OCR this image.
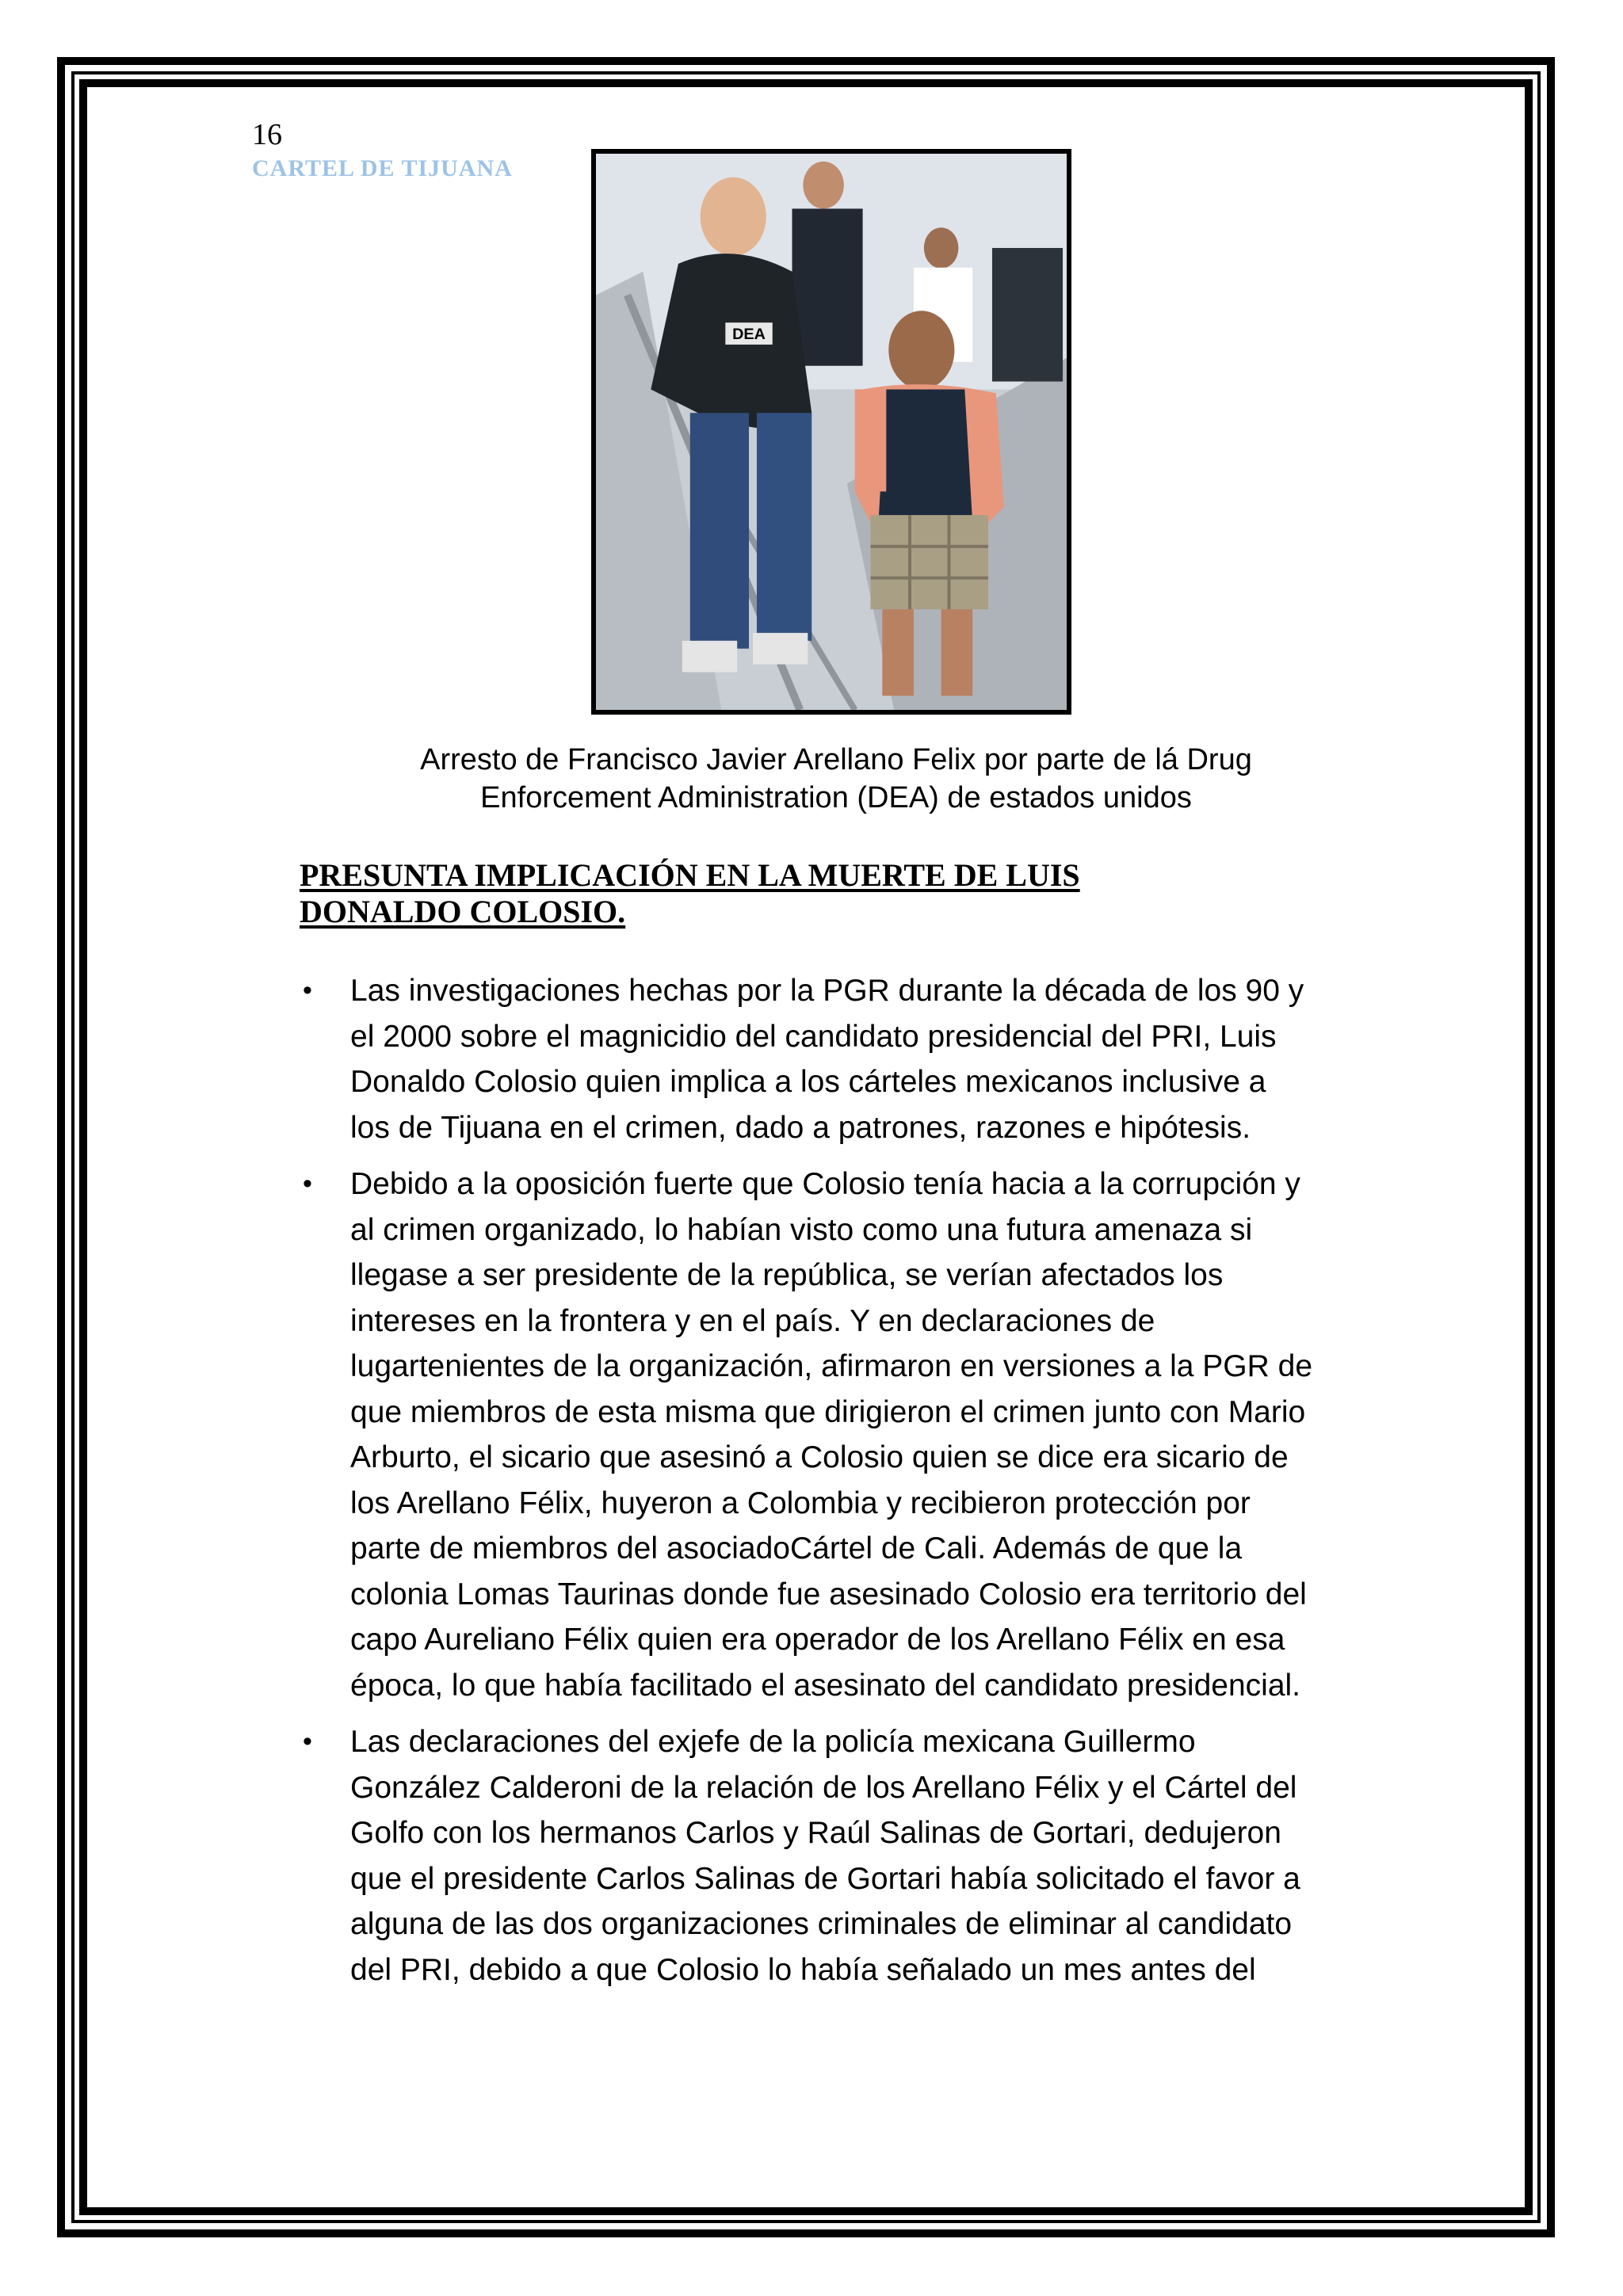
16
CARTEL DE TIJUANA
DEA
Arresto de Francisco Javier Arellano Felix por parte de lá Drug
Enforcement Administration (DEA) de estados unidos
PRESUNTA IMPLICACIÓN EN LA MUERTE DE LUIS
DONALDO COLOSIO.
• Las investigaciones hechas por la PGR durante la década de los 90 y
el 2000 sobre el magnicidio del candidato presidencial del PRI, Luis
Donaldo Colosio quien implica a los cárteles mexicanos inclusive a
los de Tijuana en el crimen, dado a patrones, razones e hipótesis.
• Debido a la oposición fuerte que Colosio tenía hacia a la corrupción y
al crimen organizado, lo habían visto como una futura amenaza si
llegase a ser presidente de la república, se verían afectados los
intereses en la frontera y en el país. Y en declaraciones de
lugartenientes de la organización, afirmaron en versiones a la PGR de
que miembros de esta misma que dirigieron el crimen junto con Mario
Arburto, el sicario que asesinó a Colosio quien se dice era sicario de
los Arellano Félix, huyeron a Colombia y recibieron protección por
parte de miembros del asociadoCártel de Cali. Además de que la
colonia Lomas Taurinas donde fue asesinado Colosio era territorio del
capo Aureliano Félix quien era operador de los Arellano Félix en esa
época, lo que había facilitado el asesinato del candidato presidencial.
• Las declaraciones del exjefe de la policía mexicana Guillermo
González Calderoni de la relación de los Arellano Félix y el Cártel del
Golfo con los hermanos Carlos y Raúl Salinas de Gortari, dedujeron
que el presidente Carlos Salinas de Gortari había solicitado el favor a
alguna de las dos organizaciones criminales de eliminar al candidato
del PRI, debido a que Colosio lo había señalado un mes antes del
